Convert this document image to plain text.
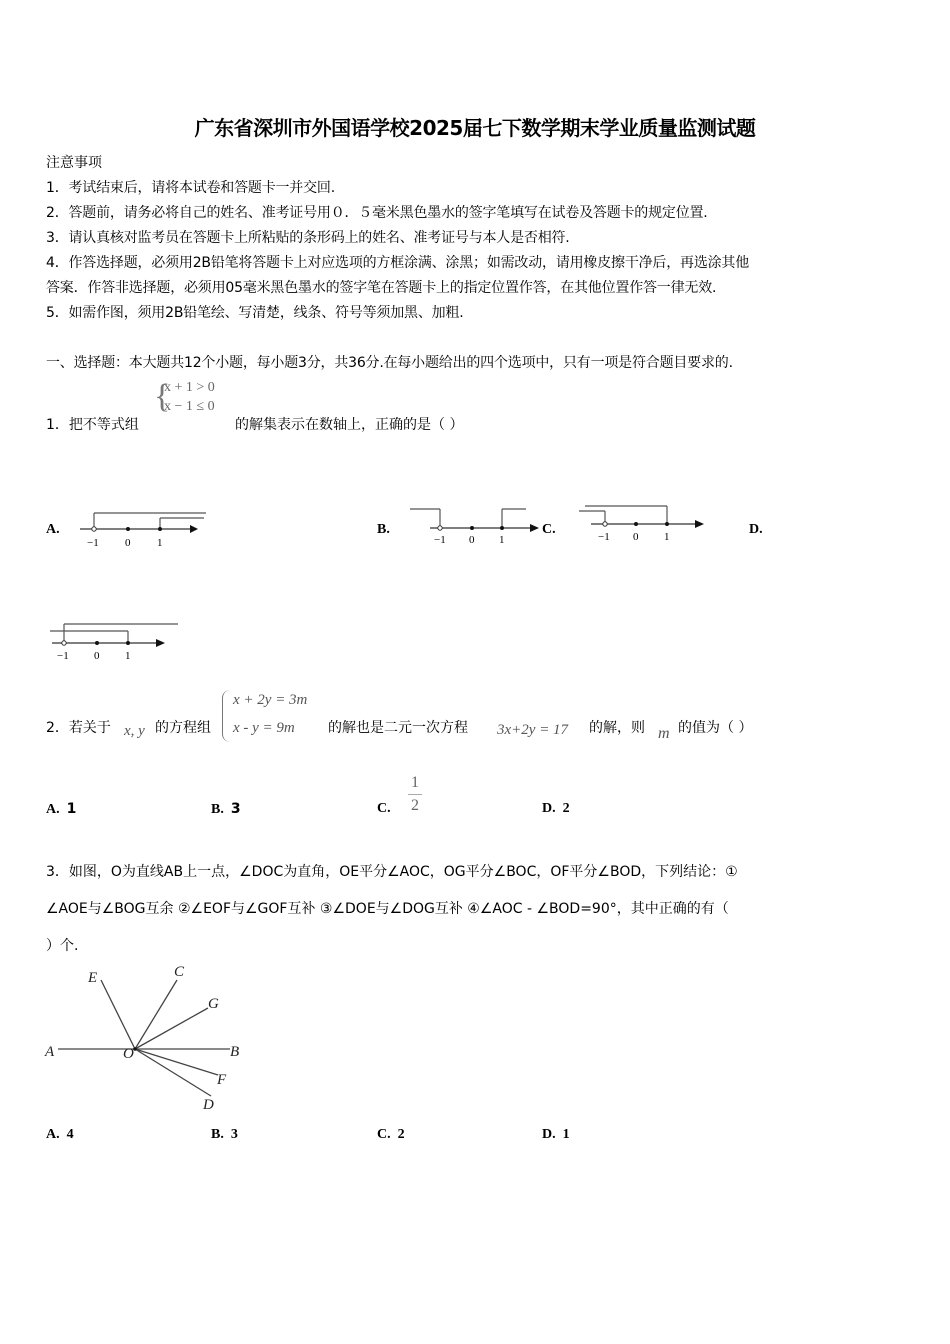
广东省深圳市外国语学校2025届七下数学期末学业质量监测试题
注意事项
1．考试结束后，请将本试卷和答题卡一并交回.
2．答题前，请务必将自己的姓名、准考证号用０．５毫米黑色墨水的签字笔填写在试卷及答题卡的规定位置.
3．请认真核对监考员在答题卡上所粘贴的条形码上的姓名、准考证号与本人是否相符.
4．作答选择题，必须用2B铅笔将答题卡上对应选项的方框涂满、涂黑；如需改动，请用橡皮擦干净后，再选涂其他
答案．作答非选择题，必须用05毫米黑色墨水的签字笔在答题卡上的指定位置作答，在其他位置作答一律无效.
5．如需作图，须用2B铅笔绘、写清楚，线条、符号等须加黑、加粗.
一、选择题：本大题共12个小题，每小题3分，共36分.在每小题给出的四个选项中，只有一项是符合题目要求的.
1．把不等式组
{
x + 1 > 0
x − 1 ≤ 0
的解集表示在数轴上，正确的是（ ）
A.
−1 0 1
B.
−1 0 1
C.	−1 0 1	D.
−1 0 1
2．若关于 x, y 的方程组
x + 2y = 3m
x - y = 9m 的解也是二元一次方程 3x+2y = 17 的解，则 m 的值为（ ）
A. 1	B. 3	C.
1
2	D. 2
3．如图，O为直线AB上一点，∠DOC为直角，OE平分∠AOC，OG平分∠BOC，OF平分∠BOD，下列结论：①
∠AOE与∠BOG互余 ②∠EOF与∠GOF互补 ③∠DOE与∠DOG互补 ④∠AOC - ∠BOD=90°，其中正确的有（
）个.
A	B
O
C
D
E
F
G
A. 4	B. 3	C. 2	D. 1
